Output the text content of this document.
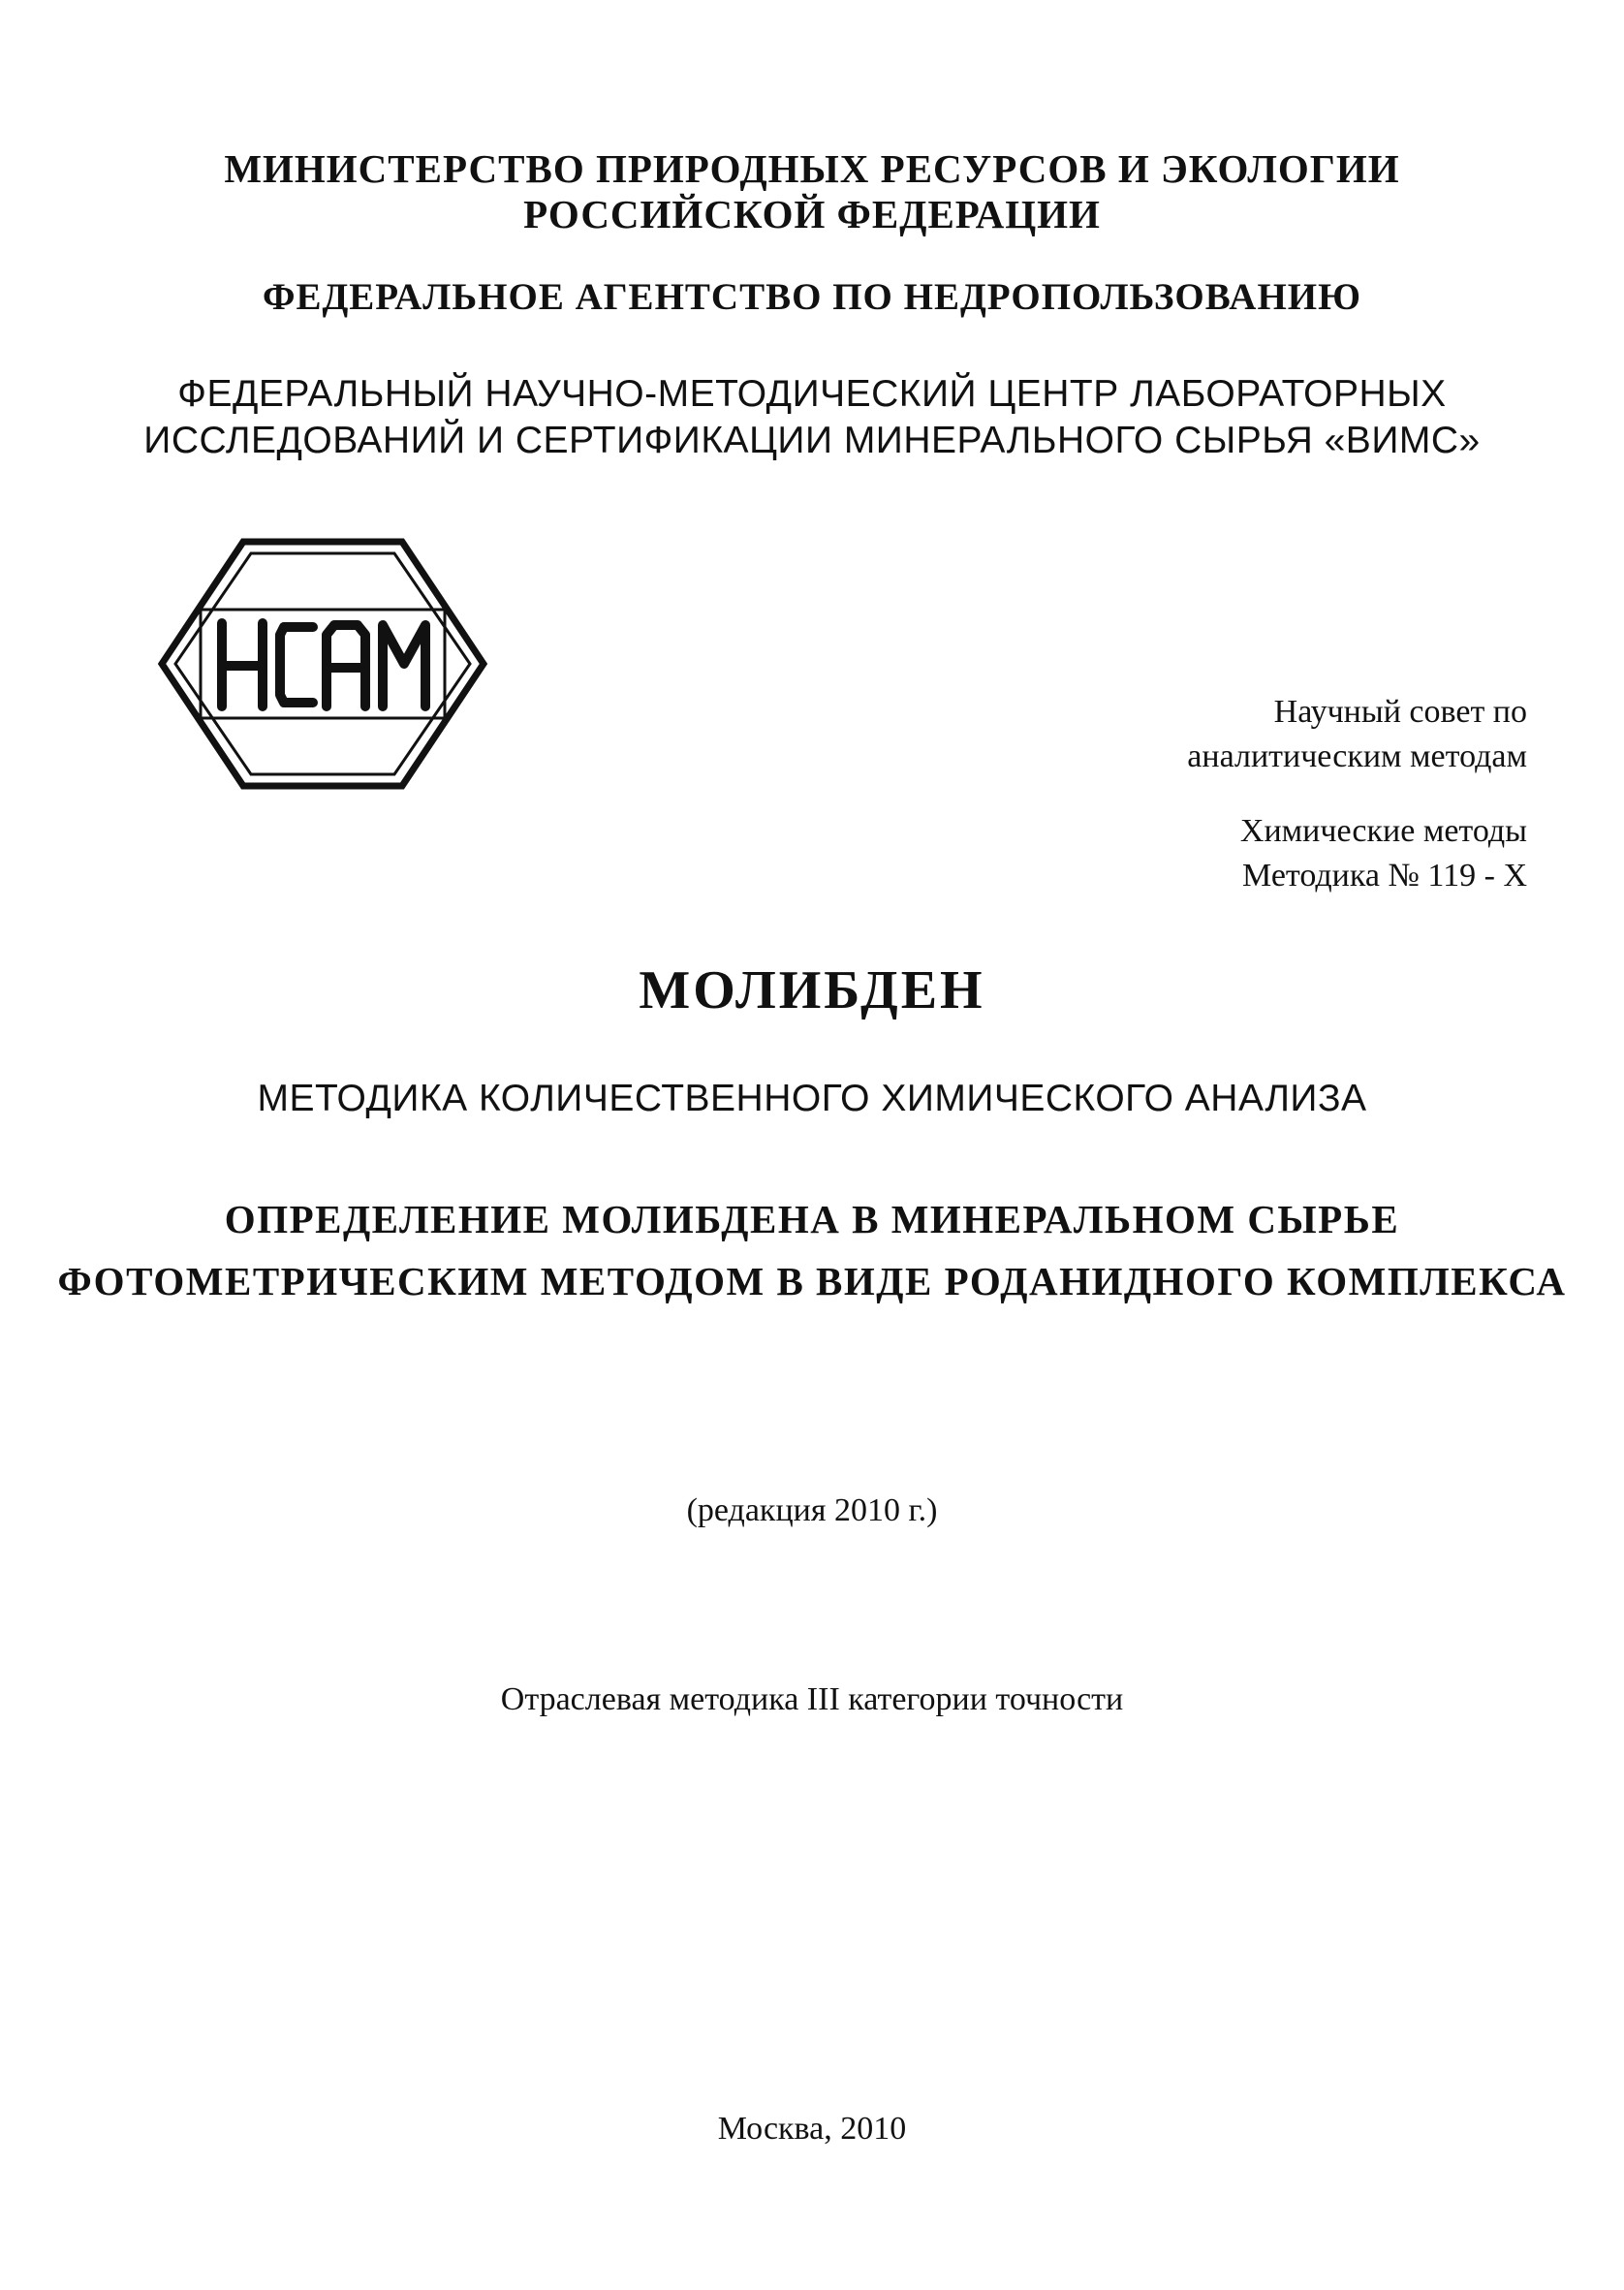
МИНИСТЕРСТВО ПРИРОДНЫХ РЕСУРСОВ И ЭКОЛОГИИ
РОССИЙСКОЙ ФЕДЕРАЦИИ
ФЕДЕРАЛЬНОЕ АГЕНТСТВО ПО НЕДРОПОЛЬЗОВАНИЮ
ФЕДЕРАЛЬНЫЙ НАУЧНО-МЕТОДИЧЕСКИЙ ЦЕНТР ЛАБОРАТОРНЫХ
ИССЛЕДОВАНИЙ И СЕРТИФИКАЦИИ МИНЕРАЛЬНОГО СЫРЬЯ «ВИМС»
Научный совет по
аналитическим методам
Химические методы
Методика № 119 - Х
МОЛИБДЕН
МЕТОДИКА КОЛИЧЕСТВЕННОГО ХИМИЧЕСКОГО АНАЛИЗА
ОПРЕДЕЛЕНИЕ МОЛИБДЕНА В МИНЕРАЛЬНОМ СЫРЬЕ
ФОТОМЕТРИЧЕСКИМ МЕТОДОМ В ВИДЕ РОДАНИДНОГО КОМПЛЕКСА
(редакция 2010 г.)
Отраслевая методика III категории точности
Москва, 2010
